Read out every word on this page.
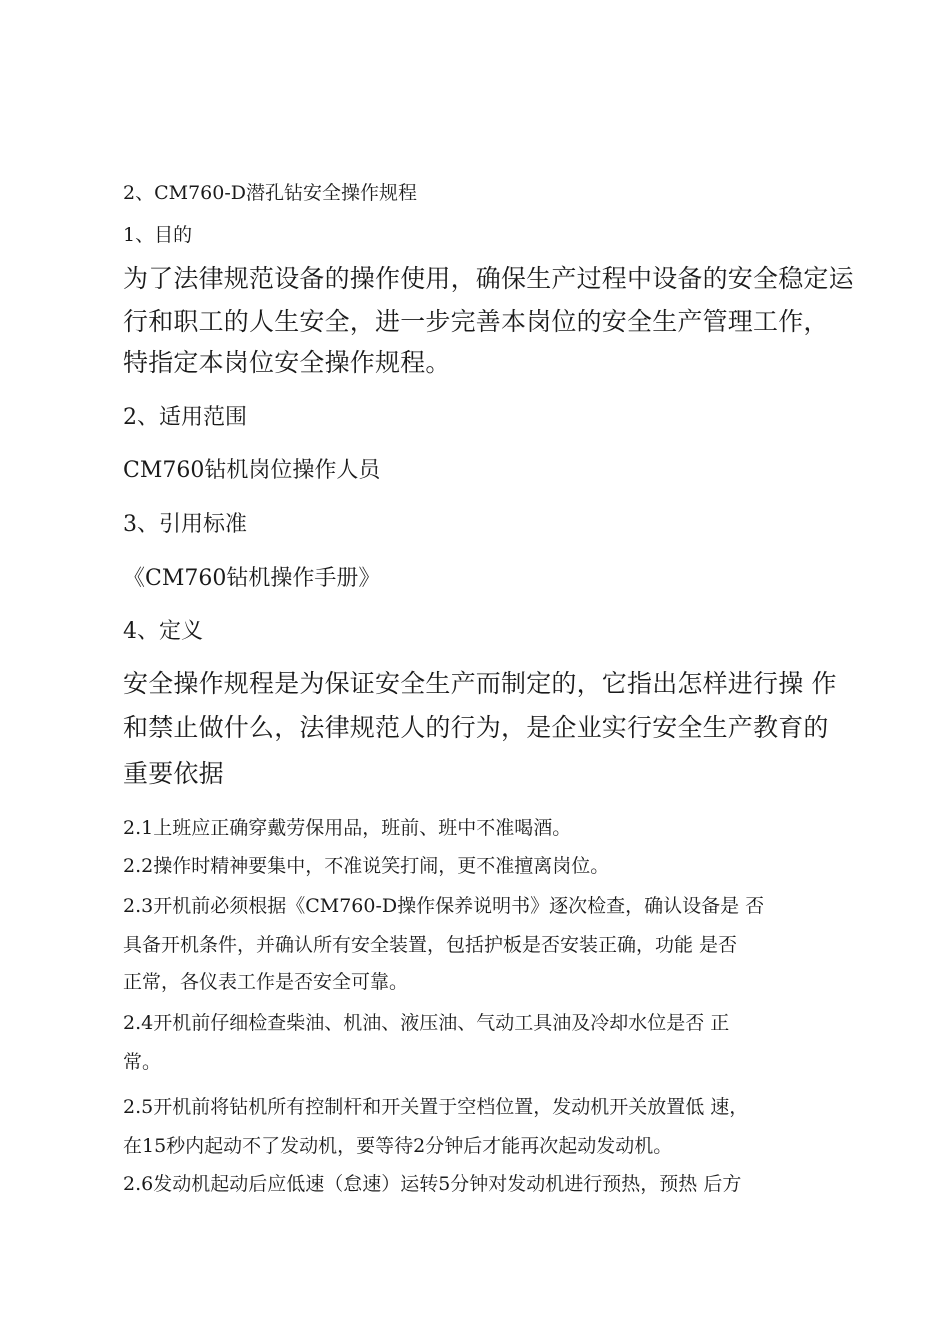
2、CM760-D潜孔钻安全操作规程

1、目的

为了法律规范设备的操作使用，确保生产过程中设备的安全稳定运

行和职工的人生安全，进一步完善本岗位的安全生产管理工作，

特指定本岗位安全操作规程。

2、适用范围

CM760钻机岗位操作人员

3、引用标准

《CM760钻机操作手册》

4、定义

安全操作规程是为保证安全生产而制定的，它指出怎样进行操 作

和禁止做什么，法律规范人的行为，是企业实行安全生产教育的

重要依据

2.1上班应正确穿戴劳保用品，班前、班中不准喝酒。

2.2操作时精神要集中，不准说笑打闹，更不准擅离岗位。

2.3开机前必须根据《CM760-D操作保养说明书》逐次检查，确认设备是 否

具备开机条件，并确认所有安全装置，包括护板是否安装正确，功能 是否

正常，各仪表工作是否安全可靠。

2.4开机前仔细检查柴油、机油、液压油、气动工具油及冷却水位是否 正

常。

2.5开机前将钻机所有控制杆和开关置于空档位置，发动机开关放置低 速，

在15秒内起动不了发动机，要等待2分钟后才能再次起动发动机。

2.6发动机起动后应低速（怠速）运转5分钟对发动机进行预热，预热 后方
